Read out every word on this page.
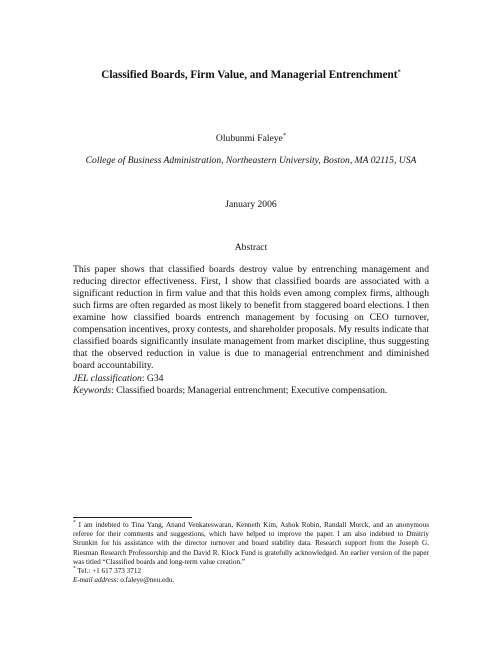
Classified Boards, Firm Value, and Managerial Entrenchment*
Olubunmi Faleye*
College of Business Administration, Northeastern University, Boston, MA 02115, USA
January 2006
Abstract

This paper shows that classified boards destroy value by entrenching management and reducing director effectiveness. First, I show that classified boards are associated with a significant reduction in firm value and that this holds even among complex firms, although such firms are often regarded as most likely to benefit from staggered board elections. I then examine how classified boards entrench management by focusing on CEO turnover, compensation incentives, proxy contests, and shareholder proposals. My results indicate that classified boards significantly insulate management from market discipline, thus suggesting that the observed reduction in value is due to managerial entrenchment and diminished board accountability.

JEL classification: G34
Keywords: Classified boards; Managerial entrenchment; Executive compensation.

* I am indebted to Tina Yang, Anand Venkateswaran, Kenneth Kim, Ashok Robin, Randall Morck, and an anonymous referee for their comments and suggestions, which have helped to improve the paper. I am also indebted to Dmitriy Strunkin for his assistance with the director turnover and board stability data. Research support from the Joseph G. Riesman Research Professorship and the David R. Klock Fund is gratefully acknowledged. An earlier version of the paper was titled “Classified boards and long-term value creation.”

* Tel.: +1 617 373 3712
E-mail address: o.faleye@neu.edu.
